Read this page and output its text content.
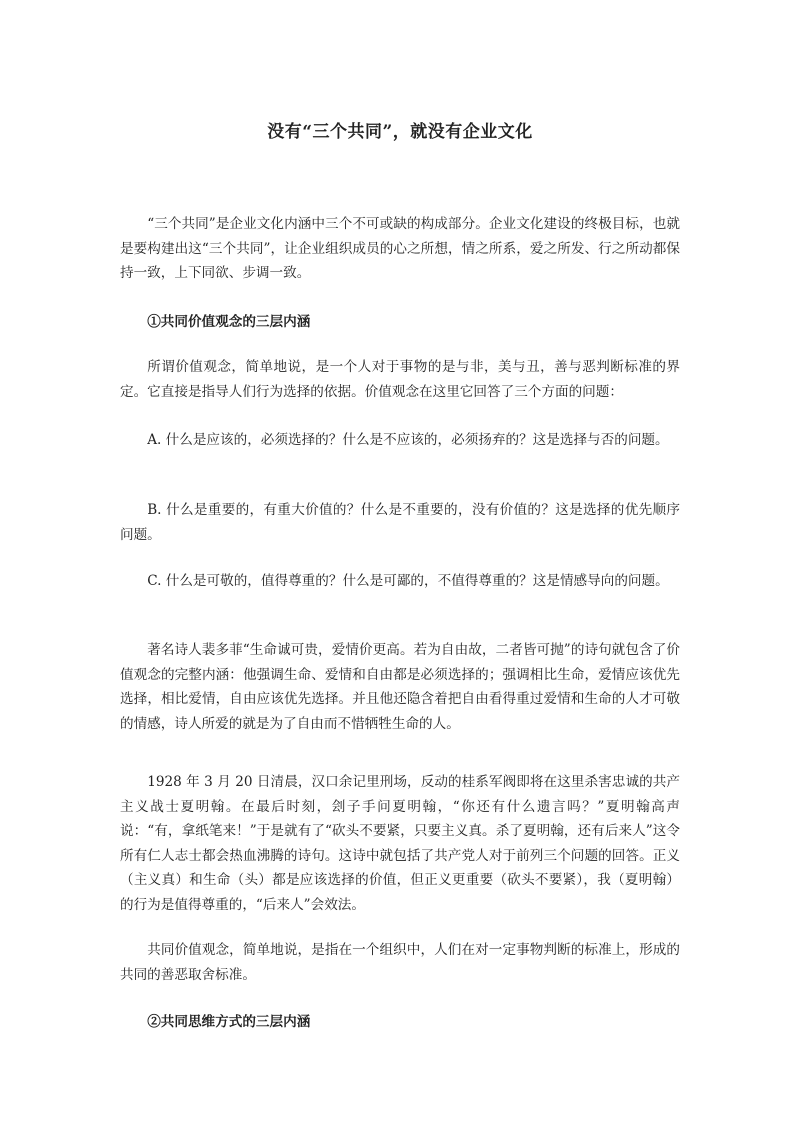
没有“三个共同”，就没有企业文化

“三个共同”是企业文化内涵中三个不可或缺的构成部分。企业文化建设的终极目标，也就是要构建出这“三个共同”，让企业组织成员的心之所想，情之所系，爱之所发、行之所动都保持一致，上下同欲、步调一致。

①共同价值观念的三层内涵

所谓价值观念，简单地说，是一个人对于事物的是与非，美与丑，善与恶判断标准的界定。它直接是指导人们行为选择的依据。价值观念在这里它回答了三个方面的问题：

A. 什么是应该的，必须选择的？什么是不应该的，必须扬弃的？这是选择与否的问题。

B. 什么是重要的，有重大价值的？什么是不重要的，没有价值的？这是选择的优先顺序问题。

C. 什么是可敬的，值得尊重的？什么是可鄙的，不值得尊重的？这是情感导向的问题。

著名诗人裴多菲“生命诚可贵，爱情价更高。若为自由故，二者皆可抛”的诗句就包含了价值观念的完整内涵：他强调生命、爱情和自由都是必须选择的；强调相比生命，爱情应该优先选择，相比爱情，自由应该优先选择。并且他还隐含着把自由看得重过爱情和生命的人才可敬的情感，诗人所爱的就是为了自由而不惜牺牲生命的人。

1928 年 3 月 20 日清晨，汉口余记里刑场，反动的桂系军阀即将在这里杀害忠诚的共产主义战士夏明翰。在最后时刻，刽子手问夏明翰，“你还有什么遗言吗？”夏明翰高声说：“有，拿纸笔来！”于是就有了“砍头不要紧，只要主义真。杀了夏明翰，还有后来人”这令所有仁人志士都会热血沸腾的诗句。这诗中就包括了共产党人对于前列三个问题的回答。正义（主义真）和生命（头）都是应该选择的价值，但正义更重要（砍头不要紧），我（夏明翰）的行为是值得尊重的，“后来人”会效法。

共同价值观念，简单地说，是指在一个组织中，人们在对一定事物判断的标准上，形成的共同的善恶取舍标准。

②共同思维方式的三层内涵
